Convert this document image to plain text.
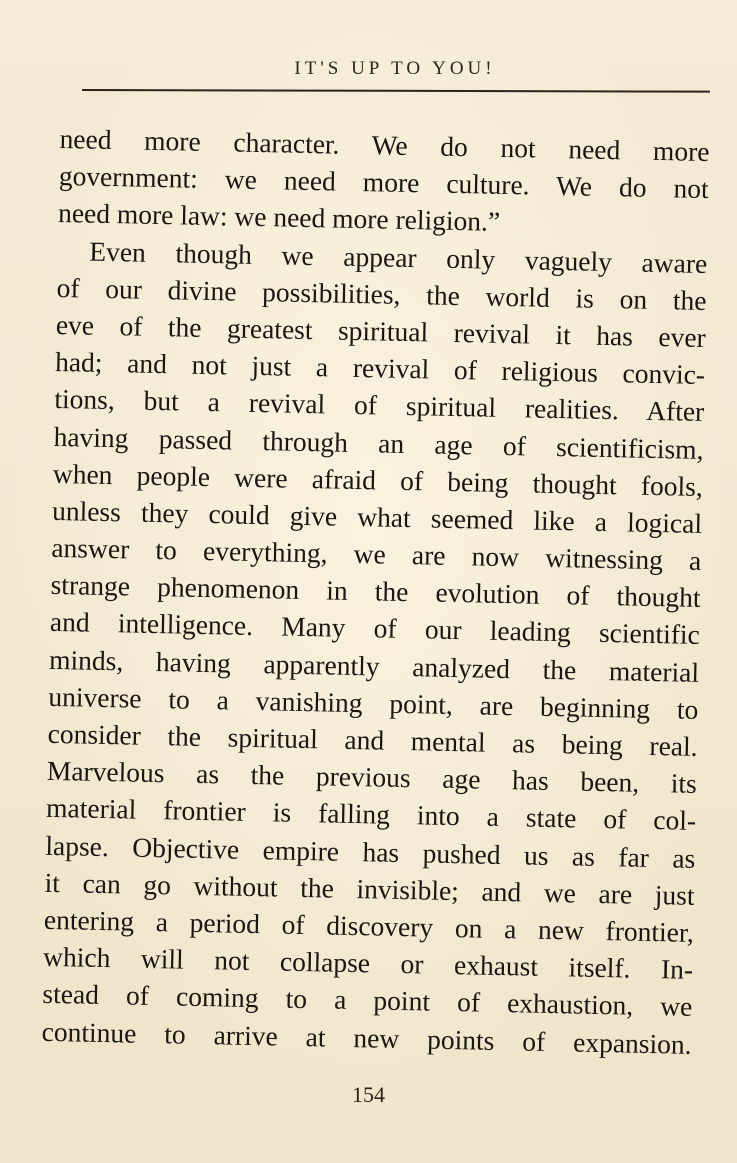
IT'S UP TO YOU!
need more character. We do not need more
government: we need more culture. We do not
need more law: we need more religion.”
Even though we appear only vaguely aware
of our divine possibilities, the world is on the
eve of the greatest spiritual revival it has ever
had; and not just a revival of religious convic-
tions, but a revival of spiritual realities. After
having passed through an age of scientificism,
when people were afraid of being thought fools,
unless they could give what seemed like a logical
answer to everything, we are now witnessing a
strange phenomenon in the evolution of thought
and intelligence. Many of our leading scientific
minds, having apparently analyzed the material
universe to a vanishing point, are beginning to
consider the spiritual and mental as being real.
Marvelous as the previous age has been, its
material frontier is falling into a state of col-
lapse. Objective empire has pushed us as far as
it can go without the invisible; and we are just
entering a period of discovery on a new frontier,
which will not collapse or exhaust itself. In-
stead of coming to a point of exhaustion, we
continue to arrive at new points of expansion.
154
